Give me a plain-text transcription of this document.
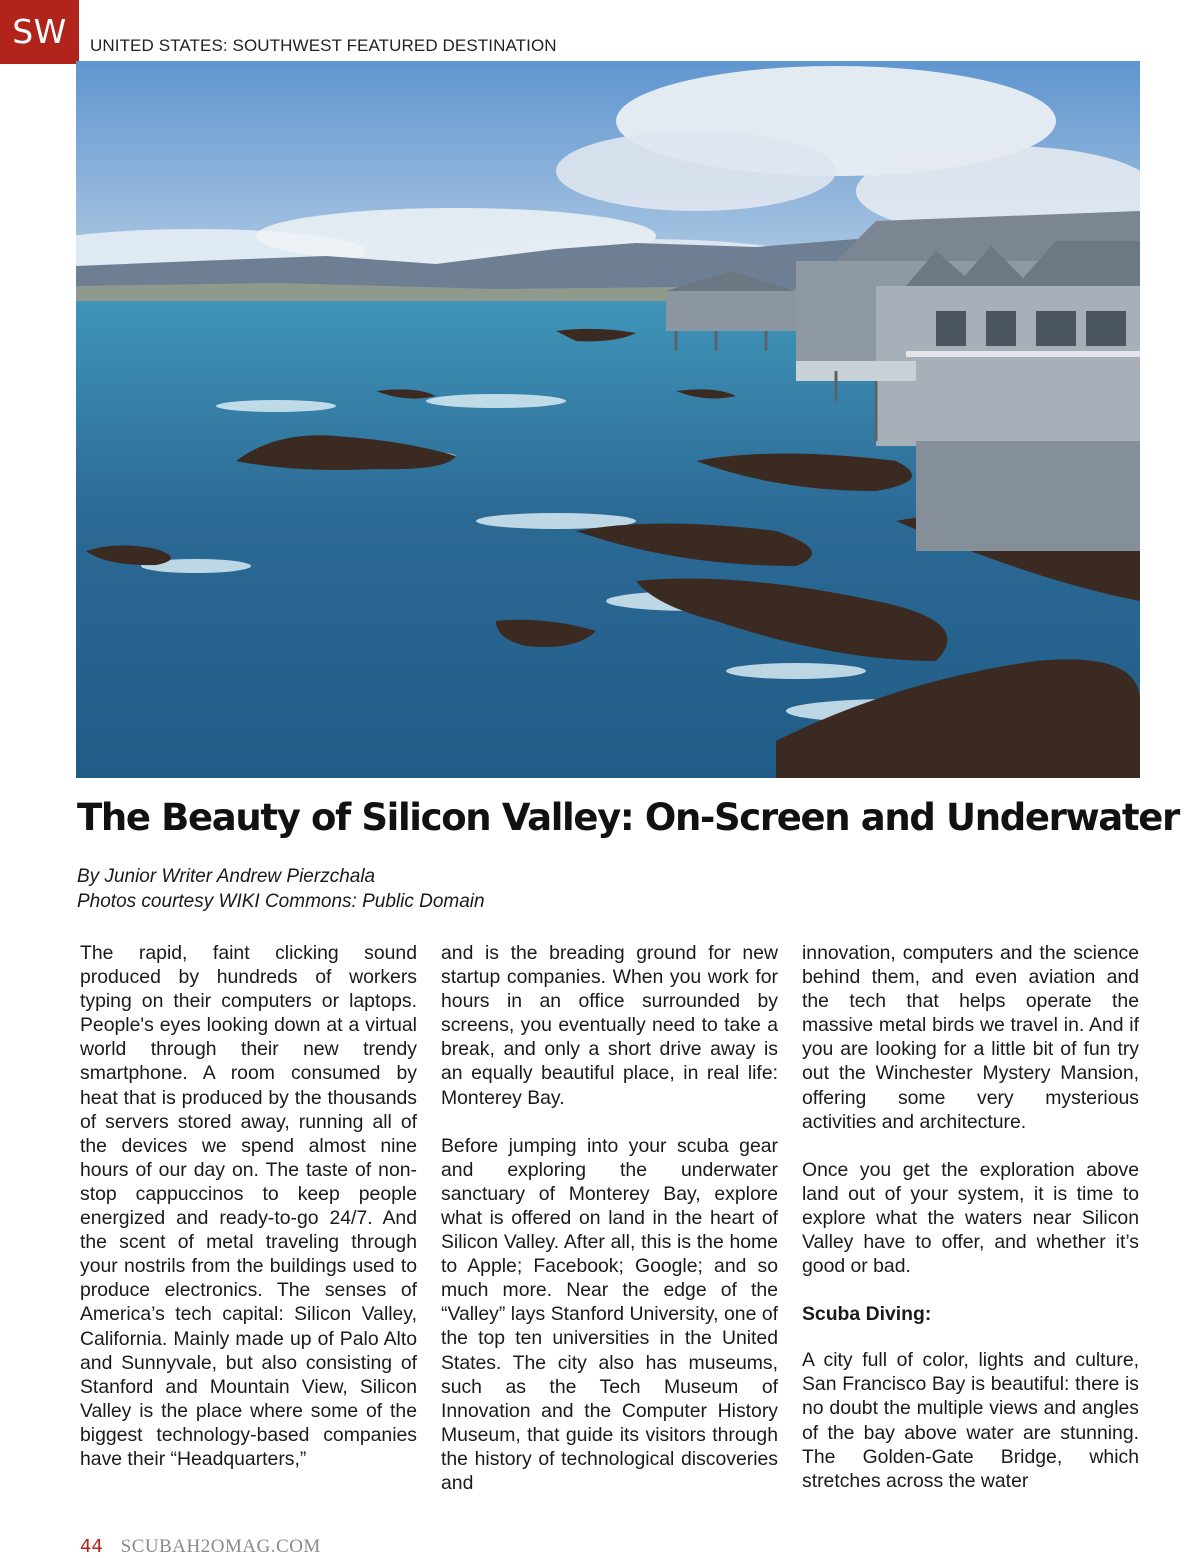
SW	UNITED STATES: SOUTHWEST FEATURED DESTINATION
The Beauty of Silicon Valley: On-Screen and Underwater
By Junior Writer Andrew Pierzchala
Photos courtesy WIKI Commons: Public Domain

The rapid, faint clicking sound produced by hundreds of workers typing on their computers or laptops. People's eyes looking down at a virtual world through their new trendy smartphone. A room consumed by heat that is produced by the thousands of servers stored away, running all of the devices we spend almost nine hours of our day on. The taste of non-stop cappuccinos to keep people energized and ready-to-go 24/7. And the scent of metal traveling through your nostrils from the buildings used to produce electronics. The senses of America’s tech capital: Silicon Valley, California. Mainly made up of Palo Alto and Sunnyvale, but also consisting of Stanford and Mountain View, Silicon Valley is the place where some of the biggest technology-based companies have their “Headquarters,”

and is the breading ground for new startup companies. When you work for hours in an office surrounded by screens, you eventually need to take a break, and only a short drive away is an equally beautiful place, in real life: Monterey Bay.

Before jumping into your scuba gear and exploring the underwater sanctuary of Monterey Bay, explore what is offered on land in the heart of Silicon Valley. After all, this is the home to Apple; Facebook; Google; and so much more. Near the edge of the “Valley” lays Stanford University, one of the top ten universities in the United States. The city also has museums, such as the Tech Museum of Innovation and the Computer History Museum, that guide its visitors through the history of technological discoveries and

innovation, computers and the science behind them, and even aviation and the tech that helps operate the massive metal birds we travel in. And if you are looking for a little bit of fun try out the Winchester Mystery Mansion, offering some very mysterious activities and architecture.

Once you get the exploration above land out of your system, it is time to explore what the waters near Silicon Valley have to offer, and whether it’s good or bad.

Scuba Diving:

A city full of color, lights and culture, San Francisco Bay is beautiful: there is no doubt the multiple views and angles of the bay above water are stunning. The Golden-Gate Bridge, which stretches across the water

44 SCUBAH2OMAG.COM
